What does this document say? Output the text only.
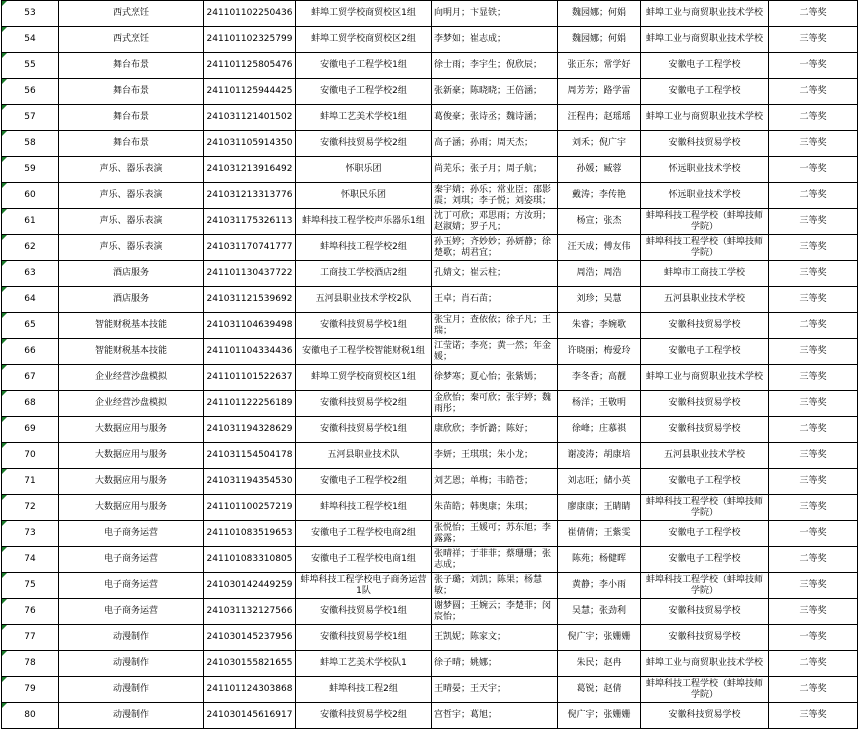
53	西式烹饪	241101102250436	蚌埠工贸学校商贸校区1组	向明月；卞显铁；	魏园娜；何娟	蚌埠工业与商贸职业技术学校	二等奖
54	西式烹饪	241101102325799	蚌埠工贸学校商贸校区2组	李梦如；崔志成；	魏园娜；何娟	蚌埠工业与商贸职业技术学校	三等奖
55	舞台布景	241101125805476	安徽电子工程学校1组	徐士雨；李宇生；倪欣辰；	张正东；常学好	安徽电子工程学校	一等奖
56	舞台布景	241101125944425	安徽电子工程学校2组	张新豪；陈晓晓；王倍涵；	周芳芳；路学雷	安徽电子工程学校	二等奖
57	舞台布景	241031121401502	蚌埠工艺美术学校1组	葛俊豪；张诗丞；魏诗涵；	汪程冉；赵瑶瑶	蚌埠工业与商贸职业技术学校	二等奖
58	舞台布景	241031105914350	安徽科技贸易学校2组	高子涵；孙雨；周天杰；	刘禾；倪广宇	安徽科技贸易学校	三等奖
59	声乐、器乐表演	241031213916492	怀职乐团	尚芜乐；张子月；周子航；	孙媛；臧蓉	怀远职业技术学校	一等奖
60	声乐、器乐表演	241031213313776	怀职民乐团	秦宇婧；孙乐；常业臣；邵影震；刘琪；李子悦；刘姿琪；	戴涛；李传艳	怀远职业技术学校	二等奖
61	声乐、器乐表演	241031175326113	蚌埠科技工程学校声乐器乐1组	沈丁可欣；邓思雨；方汝玥；赵淑婧；罗子凡；	杨宣；张杰	蚌埠科技工程学校（蚌埠技师学院）	三等奖
62	声乐、器乐表演	241031170741777	蚌埠科技工程学校2组	孙玉婷；齐妙妙；孙妍静；徐楚歌；胡君宜；	汪天成；傅友伟	蚌埠科技工程学校（蚌埠技师学院）	三等奖
63	酒店服务	241101130437722	工商技工学校酒店2组	孔婧文；崔云柱；	周浩；周浩	蚌埠市工商技工学校	三等奖
64	酒店服务	241031121539692	五河县职业技术学校2队	王卓；肖石苗；	刘珍；吴慧	五河县职业技术学校	三等奖
65	智能财税基本技能	241031104639498	安徽科技贸易学校1组	张宝月；查依依；徐子凡；王瑞；	朱睿；李婉歌	安徽科技贸易学校	二等奖
66	智能财税基本技能	241101104334436	安徽电子工程学校智能财税1组	江莹诺；李亮；黄一然；年金媛；	许晓丽；梅爱玲	安徽电子工程学校	三等奖
67	企业经营沙盘模拟	241101101522637	蚌埠工贸学校商贸校区1组	徐梦寒；夏心怡；张紫嫣；	李冬香；高靓	蚌埠工业与商贸职业技术学校	三等奖
68	企业经营沙盘模拟	241101122256189	安徽科技贸易学校2组	金欣怡；秦可欣；张宇婷；魏雨彤；	杨洋；王敬明	安徽科技贸易学校	三等奖
69	大数据应用与服务	241031194328629	安徽科技贸易学校1组	康欣欣；李忻潞；陈好；	徐峰；庄慕祺	安徽科技贸易学校	二等奖
70	大数据应用与服务	241031154504178	五河县职业技术队	李妍；王琪琪；朱小龙；	谢凌涛；胡康培	五河县职业技术学校	三等奖
71	大数据应用与服务	241031194354530	安徽电子工程学校2组	刘艺恩；单梅；韦皓苍；	刘志旺；储小英	安徽电子工程学校	三等奖
72	大数据应用与服务	241101100257219	蚌埠科技工程学校1组	朱苗皓；韩奥康；朱琪；	廖康康；王睛睛	蚌埠科技工程学校（蚌埠技师学院）	三等奖
73	电子商务运营	241101083519653	安徽电子工程学校电商2组	张悦怡；王媛可；苏东旭；李露露；	崔倩倩；王紫雯	安徽电子工程学校	一等奖
74	电子商务运营	241101083310805	安徽电子工程学校电商1组	张晴祥；于菲菲；蔡珊珊；张志成；	陈苑；杨健晖	安徽电子工程学校	二等奖
75	电子商务运营	241030142449259	蚌埠科技工程学校电子商务运营1队	张子璐；刘凯；陈果；杨慧敏；	黄静；李小雨	蚌埠科技工程学校（蚌埠技师学院）	三等奖
76	电子商务运营	241031132127566	安徽科技贸易学校1组	谢梦圆；王婉云；李楚菲；闵宸怡；	吴慧；张劲利	安徽科技贸易学校	三等奖
77	动漫制作	241030145237956	安徽科技贸易学校1组	王凯妮；陈家文；	倪广宇；张姗姗	安徽科技贸易学校	一等奖
78	动漫制作	241030155821655	蚌埠工艺美术学校队1	徐子晴；姚娜；	朱民；赵冉	蚌埠工业与商贸职业技术学校	二等奖
79	动漫制作	241101124303868	蚌埠科技工程2组	王晴晏；王天宇；	葛锐；赵倩	蚌埠科技工程学校（蚌埠技师学院）	二等奖
80	动漫制作	241030145616917	安徽科技贸易学校2组	宫哲宇；葛旭；	倪广宇；张姗姗	安徽科技贸易学校	三等奖
